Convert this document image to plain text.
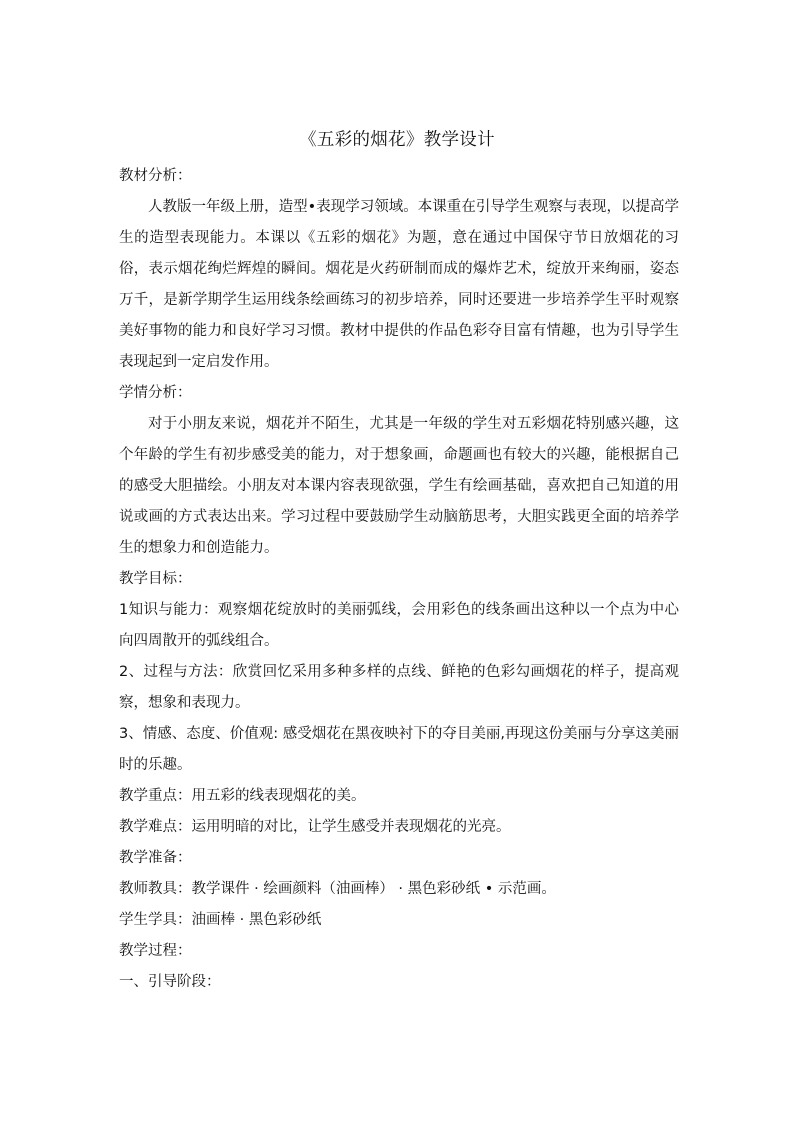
《五彩的烟花》教学设计

教材分析：

人教版一年级上册，造型•表现学习领域。本课重在引导学生观察与表现，以提高学生的造型表现能力。本课以《五彩的烟花》为题，意在通过中国保守节日放烟花的习俗，表示烟花绚烂辉煌的瞬间。烟花是火药研制而成的爆炸艺术，绽放开来绚丽，姿态万千，是新学期学生运用线条绘画练习的初步培养，同时还要进一步培养学生平时观察美好事物的能力和良好学习习惯。教材中提供的作品色彩夺目富有情趣，也为引导学生表现起到一定启发作用。

学情分析：

对于小朋友来说，烟花并不陌生，尤其是一年级的学生对五彩烟花特别感兴趣，这个年龄的学生有初步感受美的能力，对于想象画，命题画也有较大的兴趣，能根据自己的感受大胆描绘。小朋友对本课内容表现欲强，学生有绘画基础，喜欢把自己知道的用说或画的方式表达出来。学习过程中要鼓励学生动脑筋思考，大胆实践更全面的培养学生的想象力和创造能力。

教学目标：

1知识与能力：观察烟花绽放时的美丽弧线，会用彩色的线条画出这种以一个点为中心向四周散开的弧线组合。

2、过程与方法：欣赏回忆采用多种多样的点线、鲜艳的色彩勾画烟花的样子，提高观察，想象和表现力。

3、情感、态度、价值观: 感受烟花在黑夜映衬下的夺目美丽,再现这份美丽与分享这美丽时的乐趣。

教学重点：用五彩的线表现烟花的美。

教学难点：运用明暗的对比，让学生感受并表现烟花的光亮。

教学准备：

教师教具：教学课件 · 绘画颜料（油画棒） · 黑色彩砂纸 • 示范画。

学生学具：油画棒 · 黑色彩砂纸

教学过程：

一、引导阶段：
